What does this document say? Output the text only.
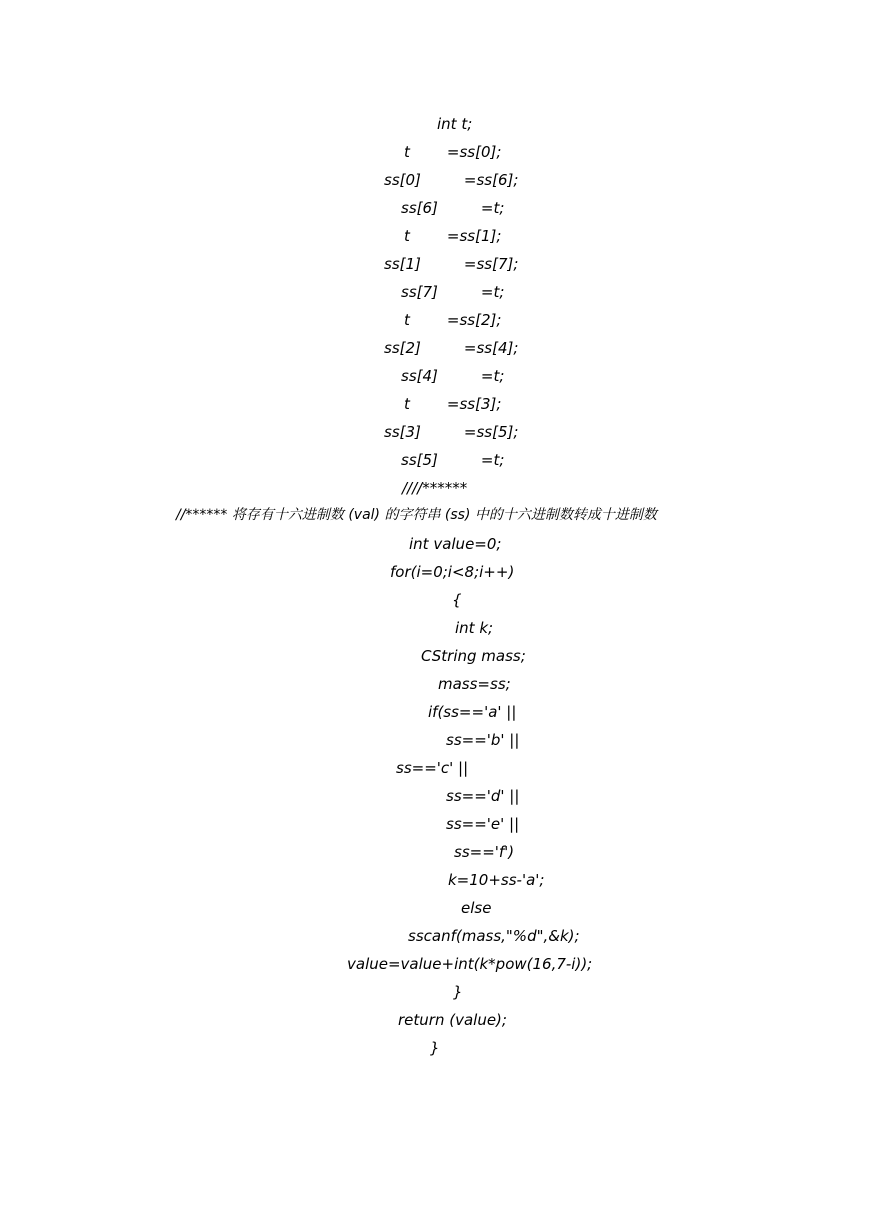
int t;
t =ss[0];
ss[0]	=ss[6];
ss[6]	=t;
t =ss[1];
ss[1]	=ss[7];
ss[7]	=t;
t =ss[2];
ss[2]	=ss[4];
ss[4]	=t;
t =ss[3];
ss[3]	=ss[5];
ss[5]	=t;
////******
//****** 将存有十六进制数 (val) 的字符串 (ss) 中的十六进制数转成十进制数
int value=0;
for(i=0;i<8;i++)
{
int k;
CString mass;
mass=ss;
if(ss=='a' ||
ss=='b' ||
ss=='c' ||
ss=='d' ||
ss=='e' ||
ss=='f')
k=10+ss-'a';
else
sscanf(mass,"%d",&k);
value=value+int(k*pow(16,7-i));
}
return (value);
}
